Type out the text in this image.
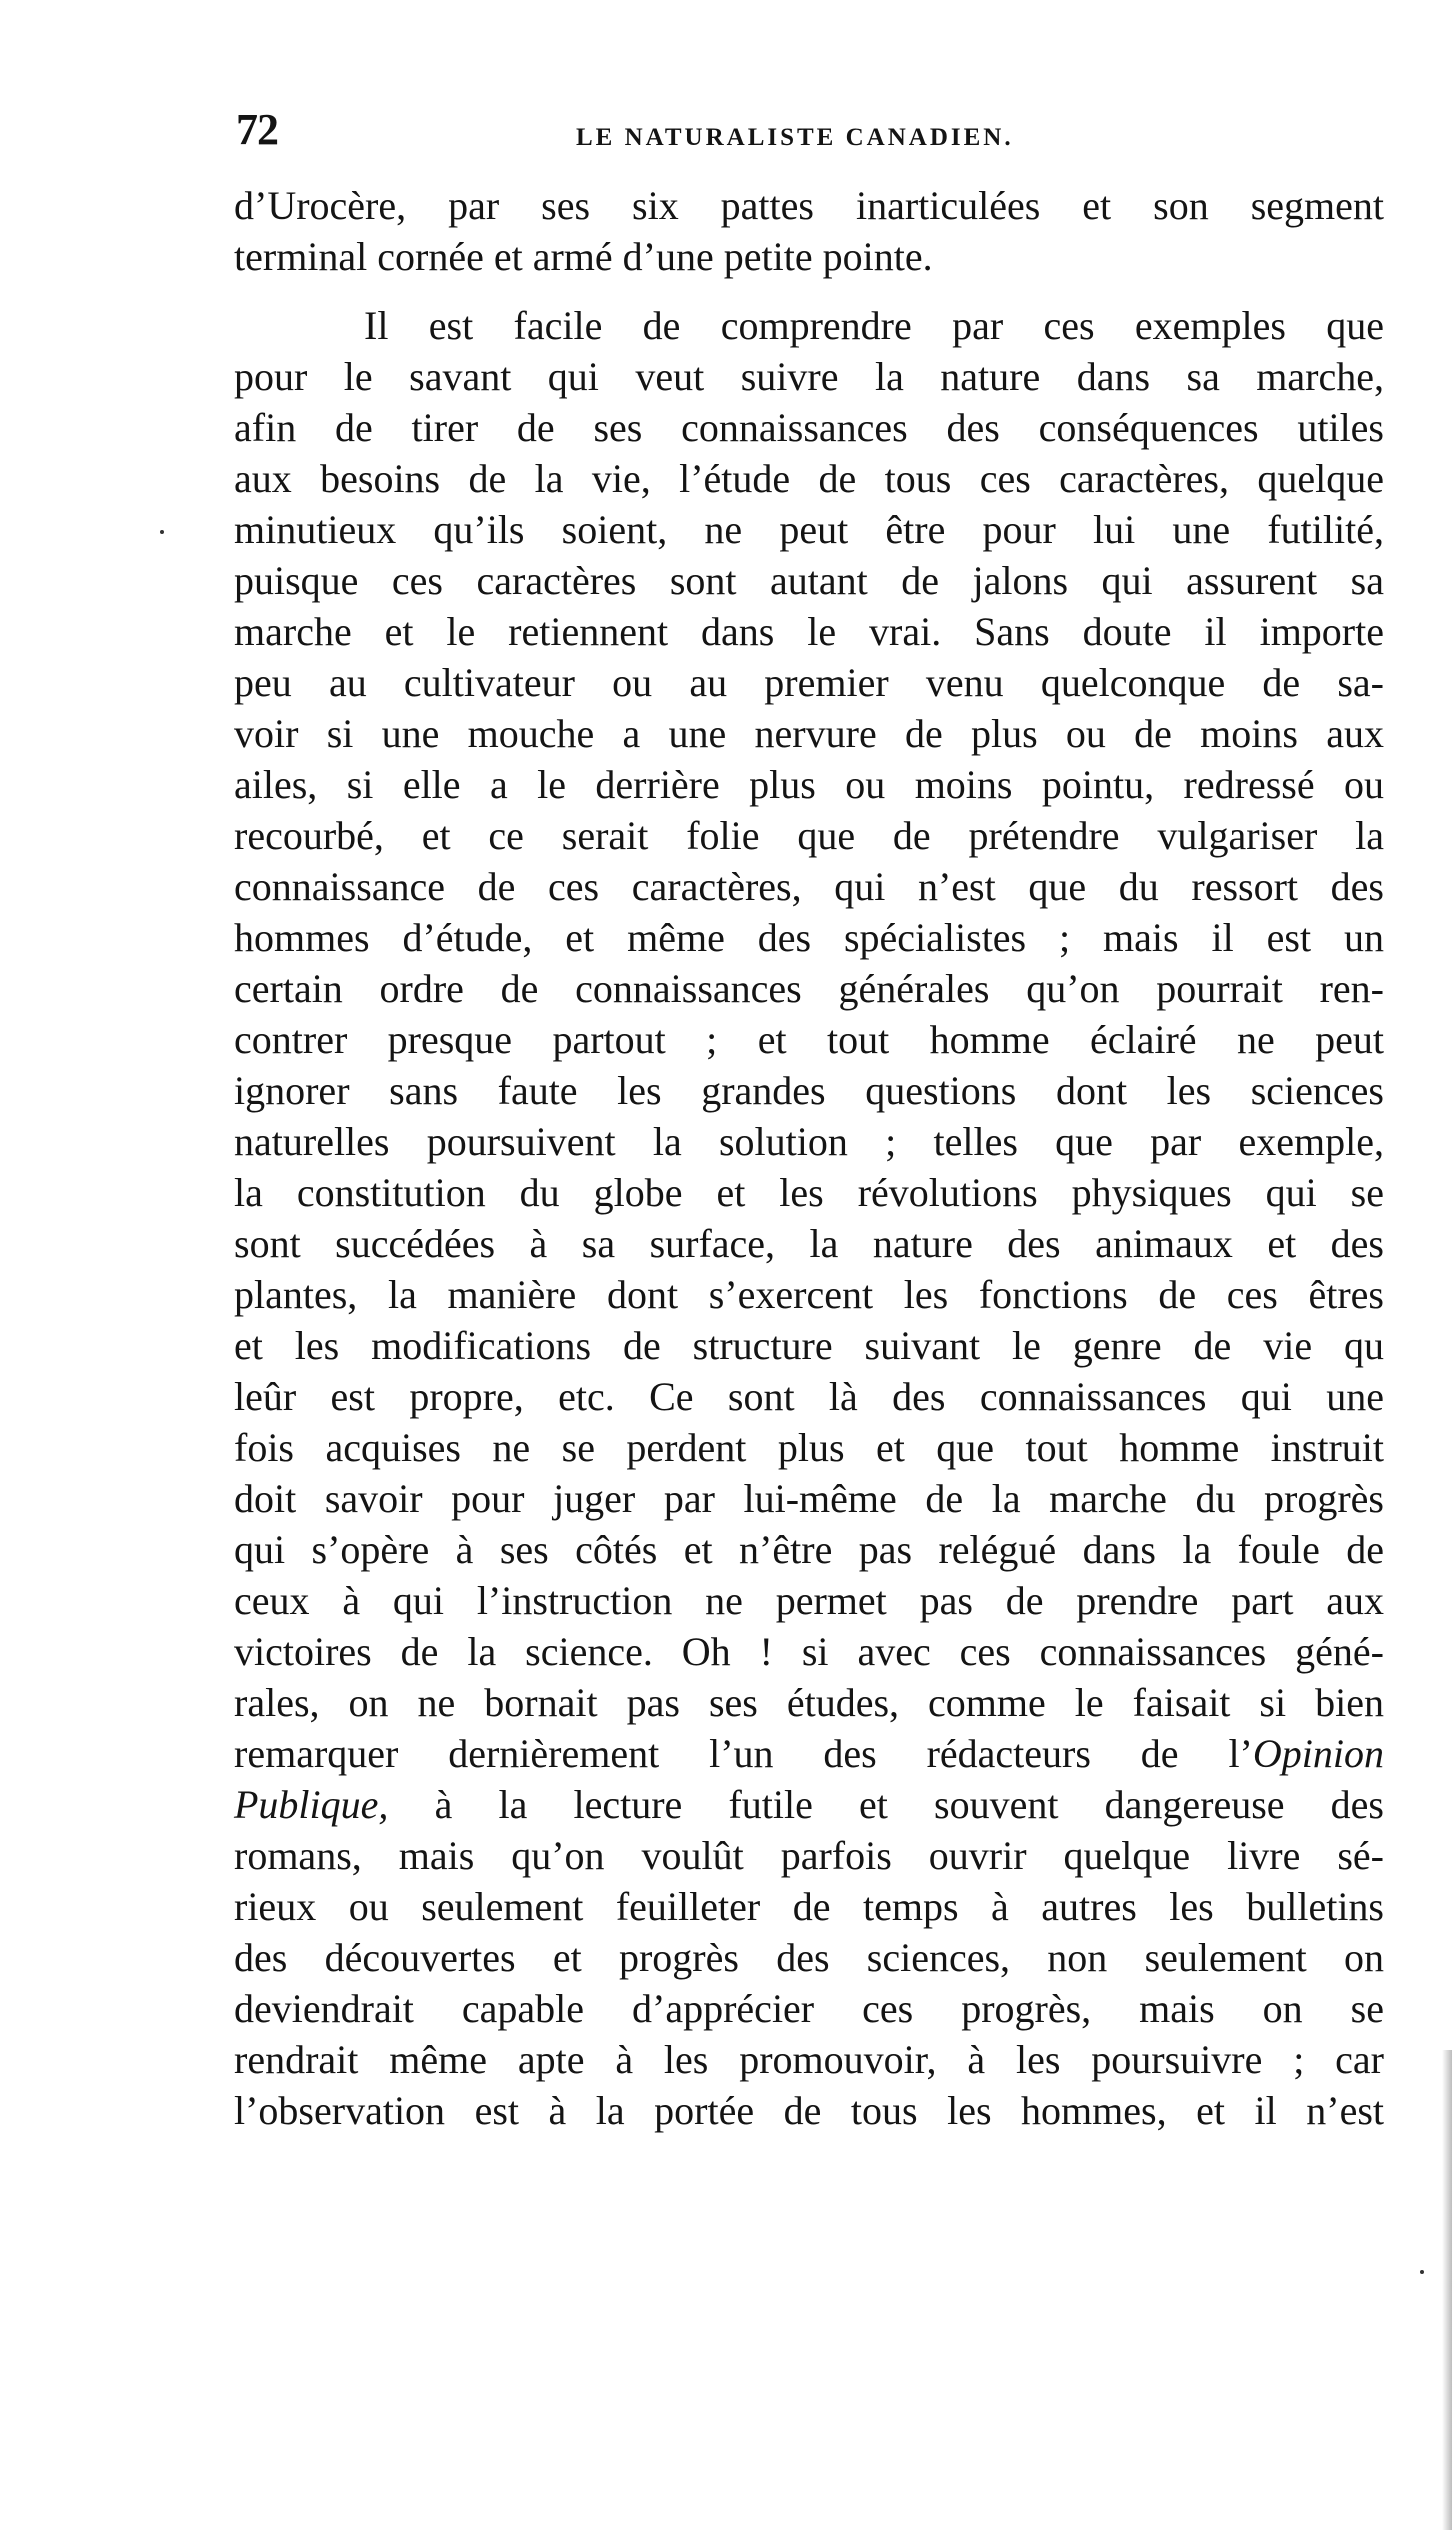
72	LE NATURALISTE CANADIEN.
d’Urocère, par ses six pattes inarticulées et son segment
terminal cornée et armé d’une petite pointe.
Il est facile de comprendre par ces exemples que
pour le savant qui veut suivre la nature dans sa marche,
afin de tirer de ses connaissances des conséquences utiles
aux besoins de la vie, l’étude de tous ces caractères, quelque
minutieux qu’ils soient, ne peut être pour lui une futilité,
puisque ces caractères sont autant de jalons qui assurent sa
marche et le retiennent dans le vrai. Sans doute il importe
peu au cultivateur ou au premier venu quelconque de sa-
voir si une mouche a une nervure de plus ou de moins aux
ailes, si elle a le derrière plus ou moins pointu, redressé ou
recourbé, et ce serait folie que de prétendre vulgariser la
connaissance de ces caractères, qui n’est que du ressort des
hommes d’étude, et même des spécialistes ; mais il est un
certain ordre de connaissances générales qu’on pourrait ren-
contrer presque partout ; et tout homme éclairé ne peut
ignorer sans faute les grandes questions dont les sciences
naturelles poursuivent la solution ; telles que par exemple,
la constitution du globe et les révolutions physiques qui se
sont succédées à sa surface, la nature des animaux et des
plantes, la manière dont s’exercent les fonctions de ces êtres
et les modifications de structure suivant le genre de vie qu
leûr est propre, etc. Ce sont là des connaissances qui une
fois acquises ne se perdent plus et que tout homme instruit
doit savoir pour juger par lui-même de la marche du progrès
qui s’opère à ses côtés et n’être pas relégué dans la foule de
ceux à qui l’instruction ne permet pas de prendre part aux
victoires de la science. Oh ! si avec ces connaissances géné-
rales, on ne bornait pas ses études, comme le faisait si bien
remarquer dernièrement l’un des rédacteurs de l’Opinion
Publique, à la lecture futile et souvent dangereuse des
romans, mais qu’on voulût parfois ouvrir quelque livre sé-
rieux ou seulement feuilleter de temps à autres les bulletins
des découvertes et progrès des sciences, non seulement on
deviendrait capable d’apprécier ces progrès, mais on se
rendrait même apte à les promouvoir, à les poursuivre ; car
l’observation est à la portée de tous les hommes, et il n’est
